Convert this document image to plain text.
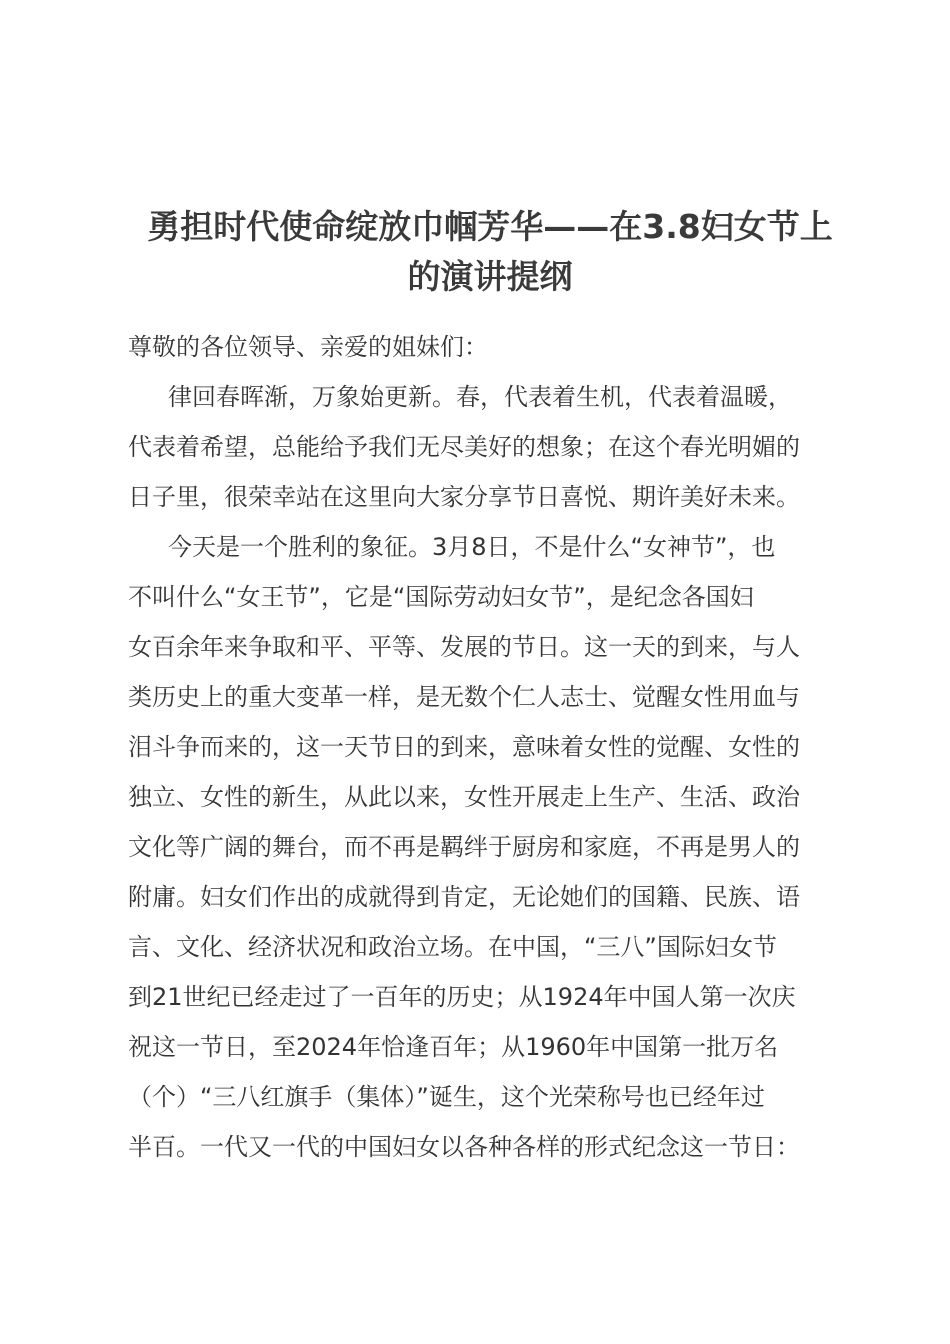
勇担时代使命绽放巾帼芳华——在3.8妇女节上
的演讲提纲
尊敬的各位领导、亲爱的姐妹们：
律回春晖渐，万象始更新。春，代表着生机，代表着温暖，
代表着希望，总能给予我们无尽美好的想象；在这个春光明媚的
日子里，很荣幸站在这里向大家分享节日喜悦、期许美好未来。
今天是一个胜利的象征。3月8日，不是什么“女神节”，也
不叫什么“女王节”，它是“国际劳动妇女节”，是纪念各国妇
女百余年来争取和平、平等、发展的节日。这一天的到来，与人
类历史上的重大变革一样，是无数个仁人志士、觉醒女性用血与
泪斗争而来的，这一天节日的到来，意味着女性的觉醒、女性的
独立、女性的新生，从此以来，女性开展走上生产、生活、政治
文化等广阔的舞台，而不再是羁绊于厨房和家庭，不再是男人的
附庸。妇女们作出的成就得到肯定，无论她们的国籍、民族、语
言、文化、经济状况和政治立场。在中国，“三八”国际妇女节
到21世纪已经走过了一百年的历史；从1924年中国人第一次庆
祝这一节日，至2024年恰逢百年；从1960年中国第一批万名
（个）“三八红旗手（集体）”诞生，这个光荣称号也已经年过
半百。一代又一代的中国妇女以各种各样的形式纪念这一节日：
